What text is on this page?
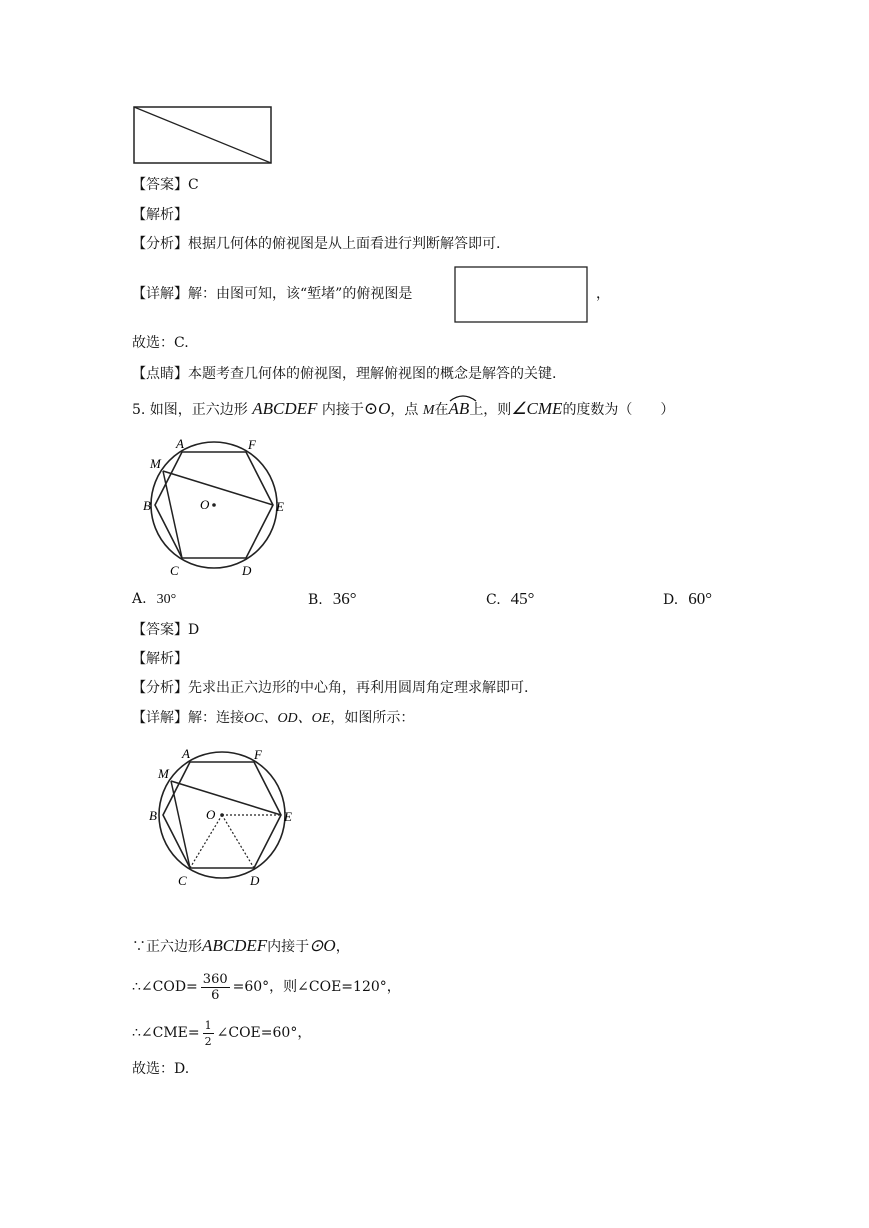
【答案】C
【解析】
【分析】根据几何体的俯视图是从上面看进行判断解答即可.
【详解】解：由图可知，该“堑堵”的俯视图是	，
故选：C.
【点睛】本题考查几何体的俯视图，理解俯视图的概念是解答的关键.
5. 如图，正六边形 ABCDEF 内接于⊙O，点 M在
AB上，则∠CME的度数为（　　）
A	F
M
B	E
C	D
O
A. 30°	B. 36°	C. 45°	D. 60°
【答案】D
【解析】
【分析】先求出正六边形的中心角，再利用圆周角定理求解即可.
【详解】解：连接OC、OD、OE，如图所示：
A	F
M
B	E
C	D
O
∵正六边形ABCDEF内接于⊙O，
∴∠COD= $\frac{360}{6} =60^\circ$，则∠COE=120°，
∴∠CME= $\frac{1}{2}$ ∠COE=60°，
故选：D.
